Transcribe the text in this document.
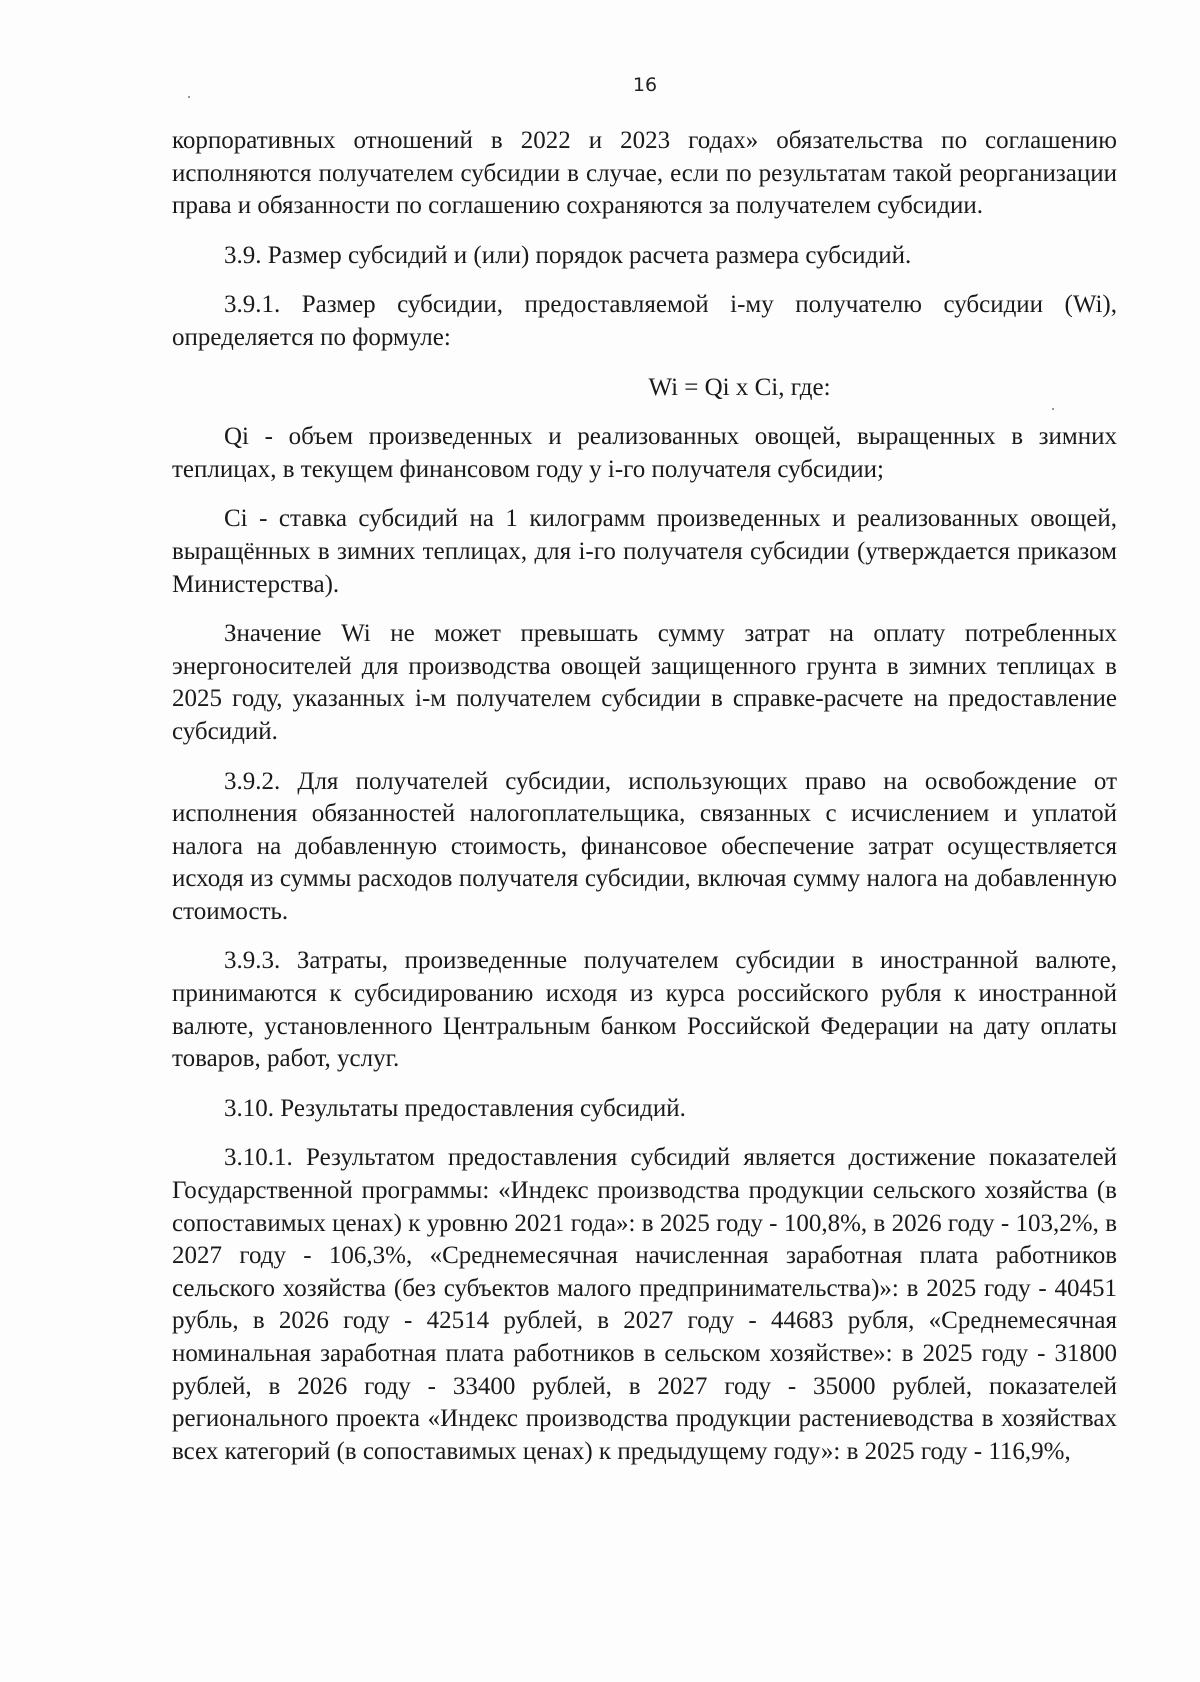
16

корпоративных отношений в 2022 и 2023 годах» обязательства по соглашению исполняются получателем субсидии в случае, если по результатам такой реорганизации права и обязанности по соглашению сохраняются за получателем субсидии.

3.9. Размер субсидий и (или) порядок расчета размера субсидий.

3.9.1. Размер субсидии, предоставляемой i-му получателю субсидии (Wi), определяется по формуле:

Wi = Qi x Ci, где:

Qi - объем произведенных и реализованных овощей, выращенных в зимних теплицах, в текущем финансовом году у i-го получателя субсидии;

Ci - ставка субсидий на 1 килограмм произведенных и реализованных овощей, выращённых в зимних теплицах, для i-го получателя субсидии (утверждается приказом Министерства).

Значение Wi не может превышать сумму затрат на оплату потребленных энергоносителей для производства овощей защищенного грунта в зимних теплицах в 2025 году, указанных i-м получателем субсидии в справке-расчете на предоставление субсидий.

3.9.2. Для получателей субсидии, использующих право на освобождение от исполнения обязанностей налогоплательщика, связанных с исчислением и уплатой налога на добавленную стоимость, финансовое обеспечение затрат осуществляется исходя из суммы расходов получателя субсидии, включая сумму налога на добавленную стоимость.

3.9.3. Затраты, произведенные получателем субсидии в иностранной валюте, принимаются к субсидированию исходя из курса российского рубля к иностранной валюте, установленного Центральным банком Российской Федерации на дату оплаты товаров, работ, услуг.

3.10. Результаты предоставления субсидий.

3.10.1. Результатом предоставления субсидий является достижение показателей Государственной программы: «Индекс производства продукции сельского хозяйства (в сопоставимых ценах) к уровню 2021 года»: в 2025 году - 100,8%, в 2026 году - 103,2%, в 2027 году - 106,3%, «Среднемесячная начисленная заработная плата работников сельского хозяйства (без субъектов малого предпринимательства)»: в 2025 году - 40451 рубль, в 2026 году - 42514 рублей, в 2027 году - 44683 рубля, «Среднемесячная номинальная заработная плата работников в сельском хозяйстве»: в 2025 году - 31800 рублей, в 2026 году - 33400 рублей, в 2027 году - 35000 рублей, показателей регионального проекта «Индекс производства продукции растениеводства в хозяйствах всех категорий (в сопоставимых ценах) к предыдущему году»: в 2025 году - 116,9%,
